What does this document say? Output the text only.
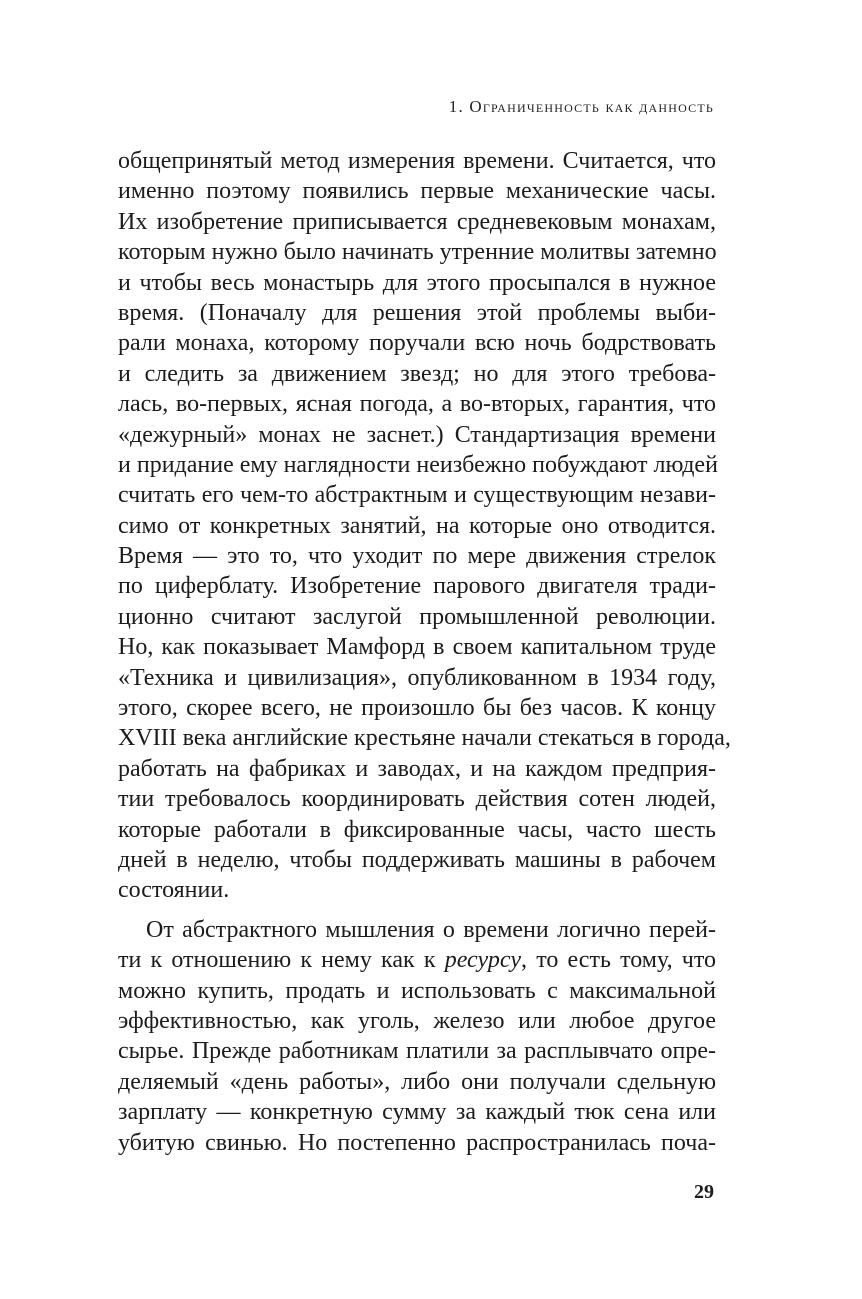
1. Ограниченность как данность
общепринятый метод измерения времени. Считается, что
именно поэтому появились первые механические часы.
Их изобретение приписывается средневековым монахам,
которым нужно было начинать утренние молитвы затемно
и чтобы весь монастырь для этого просыпался в нужное
время. (Поначалу для решения этой проблемы выби-
рали монаха, которому поручали всю ночь бодрствовать
и следить за движением звезд; но для этого требова-
лась, во-первых, ясная погода, а во-вторых, гарантия, что
«дежурный» монах не заснет.) Стандартизация времени
и придание ему наглядности неизбежно побуждают людей
считать его чем-то абстрактным и существующим незави-
симо от конкретных занятий, на которые оно отводится.
Время — это то, что уходит по мере движения стрелок
по циферблату. Изобретение парового двигателя тради-
ционно считают заслугой промышленной революции.
Но, как показывает Мамфорд в своем капитальном труде
«Техника и цивилизация», опубликованном в 1934 году,
этого, скорее всего, не произошло бы без часов. К концу
XVIII века английские крестьяне начали стекаться в города,
работать на фабриках и заводах, и на каждом предприя-
тии требовалось координировать действия сотен людей,
которые работали в фиксированные часы, часто шесть
дней в неделю, чтобы поддерживать машины в рабочем
состоянии.
От абстрактного мышления о времени логично перей-
ти к отношению к нему как к ресурсу, то есть тому, что
можно купить, продать и использовать с максимальной
эффективностью, как уголь, железо или любое другое
сырье. Прежде работникам платили за расплывчато опре-
деляемый «день работы», либо они получали сдельную
зарплату — конкретную сумму за каждый тюк сена или
убитую свинью. Но постепенно распространилась поча-
29
